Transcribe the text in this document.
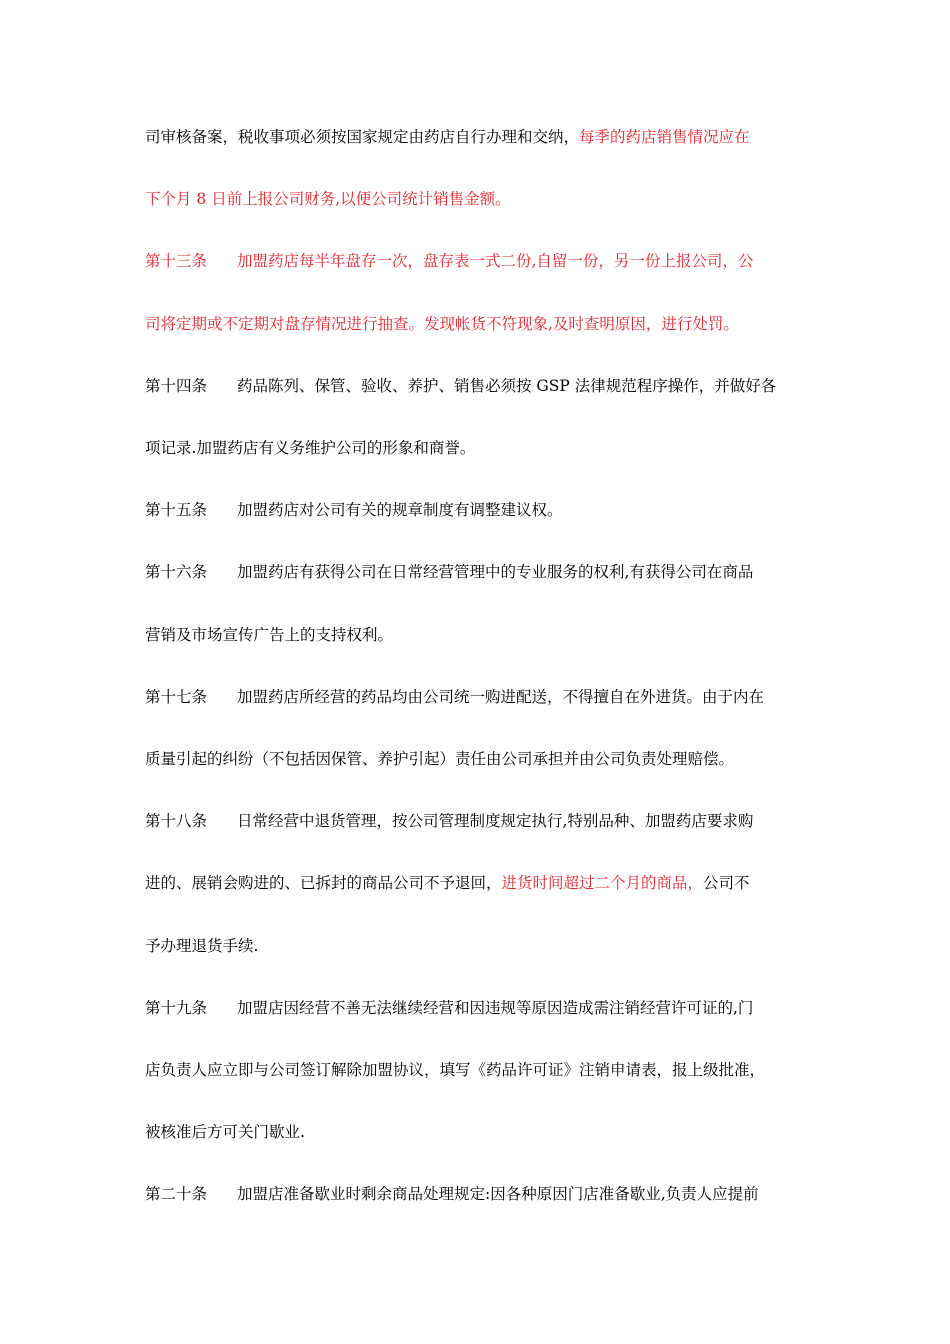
司审核备案，税收事项必须按国家规定由药店自行办理和交纳，每季的药店销售情况应在
下个月 8 日前上报公司财务,以便公司统计销售金额。
第十三条 加盟药店每半年盘存一次，盘存表一式二份,自留一份，另一份上报公司，公
司将定期或不定期对盘存情况进行抽查。发现帐货不符现象,及时查明原因，进行处罚。
第十四条 药品陈列、保管、验收、养护、销售必须按 GSP 法律规范程序操作，并做好各
项记录.加盟药店有义务维护公司的形象和商誉。
第十五条 加盟药店对公司有关的规章制度有调整建议权。
第十六条 加盟药店有获得公司在日常经营管理中的专业服务的权利,有获得公司在商品
营销及市场宣传广告上的支持权利。
第十七条 加盟药店所经营的药品均由公司统一购进配送，不得擅自在外进货。由于内在
质量引起的纠纷（不包括因保管、养护引起）责任由公司承担并由公司负责处理赔偿。
第十八条 日常经营中退货管理，按公司管理制度规定执行,特别品种、加盟药店要求购
进的、展销会购进的、已拆封的商品公司不予退回，进货时间超过二个月的商品，公司不
予办理退货手续.
第十九条 加盟店因经营不善无法继续经营和因违规等原因造成需注销经营许可证的,门
店负责人应立即与公司签订解除加盟协议，填写《药品许可证》注销申请表，报上级批准，
被核准后方可关门歇业.
第二十条 加盟店准备歇业时剩余商品处理规定:因各种原因门店准备歇业,负责人应提前
